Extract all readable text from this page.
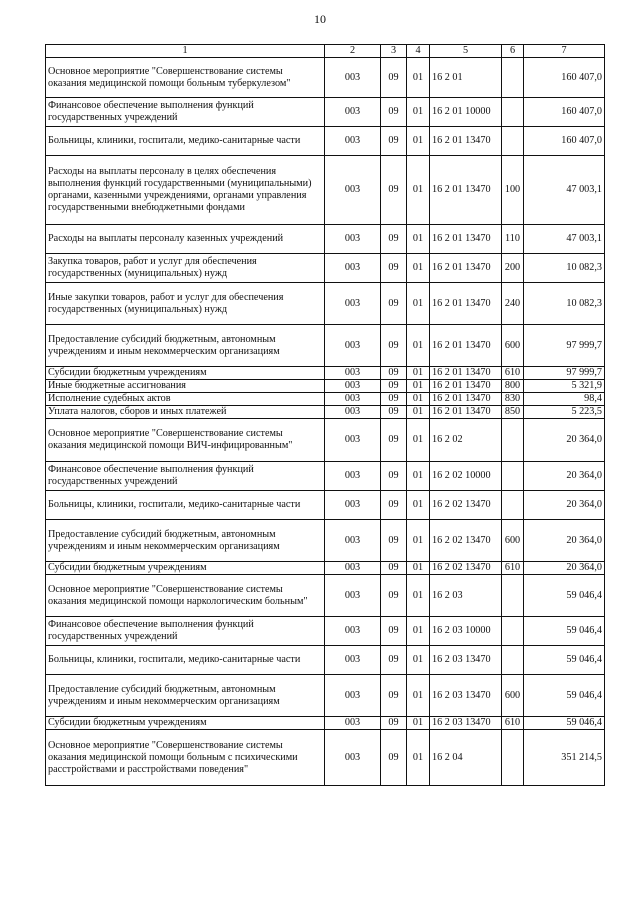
10
1	2	3	4	5	6	7
Основное мероприятие "Совершенствование системы оказания медицинской помощи больным туберкулезом"	003	09	01	16 2 01		160 407,0
Финансовое обеспечение выполнения функций государственных учреждений	003	09	01	16 2 01 10000		160 407,0
Больницы, клиники, госпитали, медико-санитарные части	003	09	01	16 2 01 13470		160 407,0
Расходы на выплаты персоналу в целях обеспечения выполнения функций государственными (муниципальными) органами, казенными учреждениями, органами управления государственными внебюджетными фондами	003	09	01	16 2 01 13470	100	47 003,1
Расходы на выплаты персоналу казенных учреждений	003	09	01	16 2 01 13470	110	47 003,1
Закупка товаров, работ и услуг для обеспечения государственных (муниципальных) нужд	003	09	01	16 2 01 13470	200	10 082,3
Иные закупки товаров, работ и услуг для обеспечения государственных (муниципальных) нужд	003	09	01	16 2 01 13470	240	10 082,3
Предоставление субсидий бюджетным, автономным учреждениям и иным некоммерческим организациям	003	09	01	16 2 01 13470	600	97 999,7
Субсидии бюджетным учреждениям	003	09	01	16 2 01 13470	610	97 999,7
Иные бюджетные ассигнования	003	09	01	16 2 01 13470	800	5 321,9
Исполнение судебных актов	003	09	01	16 2 01 13470	830	98,4
Уплата налогов, сборов и иных платежей	003	09	01	16 2 01 13470	850	5 223,5
Основное мероприятие "Совершенствование системы оказания медицинской помощи ВИЧ-инфицированным"	003	09	01	16 2 02		20 364,0
Финансовое обеспечение выполнения функций государственных учреждений	003	09	01	16 2 02 10000		20 364,0
Больницы, клиники, госпитали, медико-санитарные части	003	09	01	16 2 02 13470		20 364,0
Предоставление субсидий бюджетным, автономным учреждениям и иным некоммерческим организациям	003	09	01	16 2 02 13470	600	20 364,0
Субсидии бюджетным учреждениям	003	09	01	16 2 02 13470	610	20 364,0
Основное мероприятие "Совершенствование системы оказания медицинской помощи наркологическим больным"	003	09	01	16 2 03		59 046,4
Финансовое обеспечение выполнения функций государственных учреждений	003	09	01	16 2 03 10000		59 046,4
Больницы, клиники, госпитали, медико-санитарные части	003	09	01	16 2 03 13470		59 046,4
Предоставление субсидий бюджетным, автономным учреждениям и иным некоммерческим организациям	003	09	01	16 2 03 13470	600	59 046,4
Субсидии бюджетным учреждениям	003	09	01	16 2 03 13470	610	59 046,4
Основное мероприятие "Совершенствование системы оказания медицинской помощи больным с психическими расстройствами и расстройствами поведения"	003	09	01	16 2 04		351 214,5
